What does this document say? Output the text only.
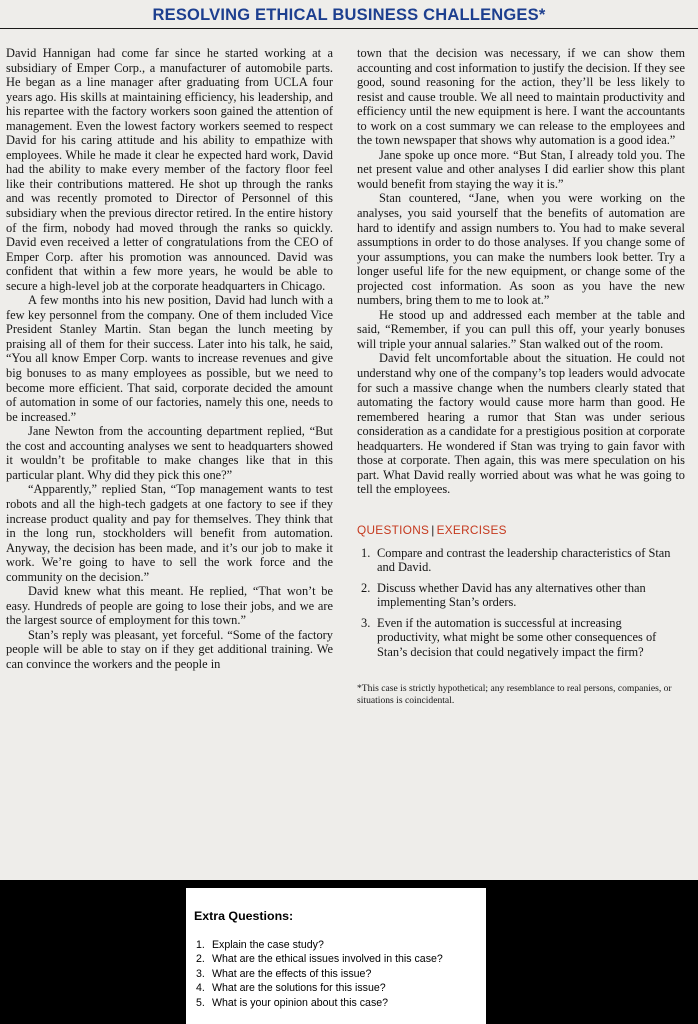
RESOLVING ETHICAL BUSINESS CHALLENGES*

David Hannigan had come far since he started working at a subsidiary of Emper Corp., a manufacturer of automobile parts. He began as a line manager after graduating from UCLA four years ago. His skills at maintaining efficiency, his leadership, and his repartee with the factory workers soon gained the attention of management. Even the lowest factory workers seemed to respect David for his caring attitude and his ability to empathize with employees. While he made it clear he expected hard work, David had the ability to make every member of the factory floor feel like their contributions mattered. He shot up through the ranks and was recently promoted to Director of Personnel of this subsidiary when the previous director retired. In the entire history of the firm, nobody had moved through the ranks so quickly. David even received a letter of congratulations from the CEO of Emper Corp. after his promotion was announced. David was confident that within a few more years, he would be able to secure a high-level job at the corporate headquarters in Chicago.

A few months into his new position, David had lunch with a few key personnel from the company. One of them included Vice President Stanley Martin. Stan began the lunch meeting by praising all of them for their success. Later into his talk, he said, “You all know Emper Corp. wants to increase revenues and give big bonuses to as many employees as possible, but we need to become more efficient. That said, corporate decided the amount of automation in some of our factories, namely this one, needs to be increased.”

Jane Newton from the accounting department replied, “But the cost and accounting analyses we sent to headquarters showed it wouldn’t be profitable to make changes like that in this particular plant. Why did they pick this one?”

“Apparently,” replied Stan, “Top management wants to test robots and all the high-tech gadgets at one factory to see if they increase product quality and pay for themselves. They think that in the long run, stockholders will benefit from automation. Anyway, the decision has been made, and it’s our job to make it work. We’re going to have to sell the work force and the community on the decision.”

David knew what this meant. He replied, “That won’t be easy. Hundreds of people are going to lose their jobs, and we are the largest source of employment for this town.”

Stan’s reply was pleasant, yet forceful. “Some of the factory people will be able to stay on if they get additional training. We can convince the workers and the people in

town that the decision was necessary, if we can show them accounting and cost information to justify the decision. If they see good, sound reasoning for the action, they’ll be less likely to resist and cause trouble. We all need to maintain productivity and efficiency until the new equipment is here. I want the accountants to work on a cost summary we can release to the employees and the town newspaper that shows why automation is a good idea.”

Jane spoke up once more. “But Stan, I already told you. The net present value and other analyses I did earlier show this plant would benefit from staying the way it is.”

Stan countered, “Jane, when you were working on the analyses, you said yourself that the benefits of automation are hard to identify and assign numbers to. You had to make several assumptions in order to do those analyses. If you change some of your assumptions, you can make the numbers look better. Try a longer useful life for the new equipment, or change some of the projected cost information. As soon as you have the new numbers, bring them to me to look at.”

He stood up and addressed each member at the table and said, “Remember, if you can pull this off, your yearly bonuses will triple your annual salaries.” Stan walked out of the room.

David felt uncomfortable about the situation. He could not understand why one of the company’s top leaders would advocate for such a massive change when the numbers clearly stated that automating the factory would cause more harm than good. He remembered hearing a rumor that Stan was under serious consideration as a candidate for a prestigious position at corporate headquarters. He wondered if Stan was trying to gain favor with those at corporate. Then again, this was mere speculation on his part. What David really worried about was what he was going to tell the employees.

QUESTIONS | EXERCISES
1. Compare and contrast the leadership characteristics of Stan and David.
2. Discuss whether David has any alternatives other than implementing Stan’s orders.
3. Even if the automation is successful at increasing productivity, what might be some other consequences of Stan’s decision that could negatively impact the firm?
*This case is strictly hypothetical; any resemblance to real persons, companies, or situations is coincidental.
Extra Questions:
1. Explain the case study?
2. What are the ethical issues involved in this case?
3. What are the effects of this issue?
4. What are the solutions for this issue?
5. What is your opinion about this case?
